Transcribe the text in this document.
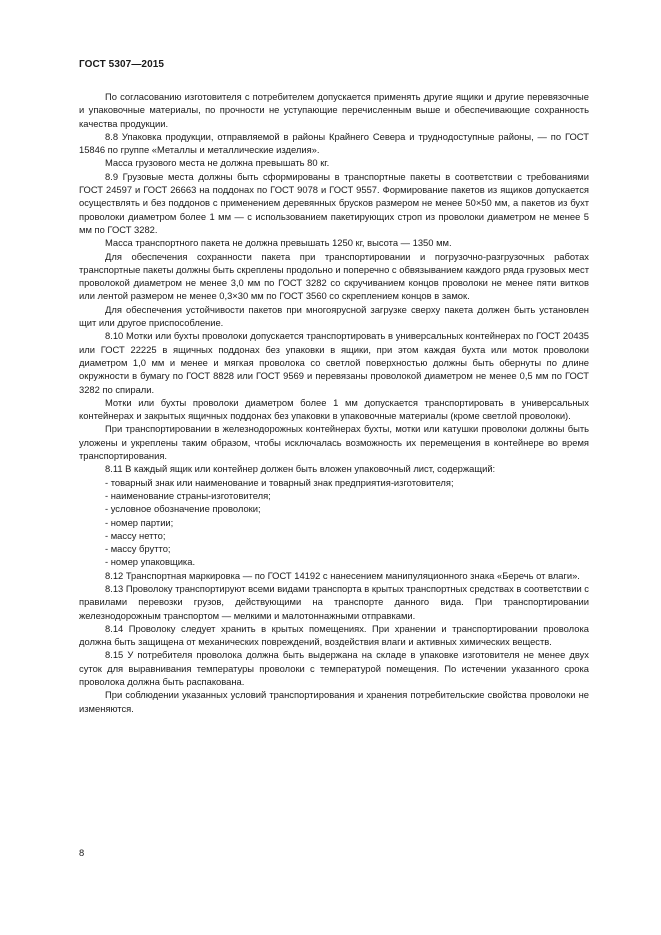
ГОСТ 5307—2015

По согласованию изготовителя с потребителем допускается применять другие ящики и другие перевязочные и упаковочные материалы, по прочности не уступающие перечисленным выше и обеспечивающие сохранность качества продукции.

8.8 Упаковка продукции, отправляемой в районы Крайнего Севера и труднодоступные районы, — по ГОСТ 15846 по группе «Металлы и металлические изделия».

Масса грузового места не должна превышать 80 кг.

8.9 Грузовые места должны быть сформированы в транспортные пакеты в соответствии с требованиями ГОСТ 24597 и ГОСТ 26663 на поддонах по ГОСТ 9078 и ГОСТ 9557. Формирование пакетов из ящиков допускается осуществлять и без поддонов с применением деревянных брусков размером не менее 50×50 мм, а пакетов из бухт проволоки диаметром более 1 мм — с использованием пакетирующих строп из проволоки диаметром не менее 5 мм по ГОСТ 3282.

Масса транспортного пакета не должна превышать 1250 кг, высота — 1350 мм.

Для обеспечения сохранности пакета при транспортировании и погрузочно-разгрузочных работах транспортные пакеты должны быть скреплены продольно и поперечно с обвязыванием каждого ряда грузовых мест проволокой диаметром не менее 3,0 мм по ГОСТ 3282 со скручиванием концов проволоки не менее пяти витков или лентой размером не менее 0,3×30 мм по ГОСТ 3560 со скреплением концов в замок.

Для обеспечения устойчивости пакетов при многоярусной загрузке сверху пакета должен быть установлен щит или другое приспособление.

8.10 Мотки или бухты проволоки допускается транспортировать в универсальных контейнерах по ГОСТ 20435 или ГОСТ 22225 в ящичных поддонах без упаковки в ящики, при этом каждая бухта или моток проволоки диаметром 1,0 мм и менее и мягкая проволока со светлой поверхностью должны быть обернуты по длине окружности в бумагу по ГОСТ 8828 или ГОСТ 9569 и перевязаны проволокой диаметром не менее 0,5 мм по ГОСТ 3282 по спирали.

Мотки или бухты проволоки диаметром более 1 мм допускается транспортировать в универсальных контейнерах и закрытых ящичных поддонах без упаковки в упаковочные материалы (кроме светлой проволоки).

При транспортировании в железнодорожных контейнерах бухты, мотки или катушки проволоки должны быть уложены и укреплены таким образом, чтобы исключалась возможность их перемещения в контейнере во время транспортирования.

8.11 В каждый ящик или контейнер должен быть вложен упаковочный лист, содержащий:

- товарный знак или наименование и товарный знак предприятия-изготовителя;

- наименование страны-изготовителя;

- условное обозначение проволоки;

- номер партии;

- массу нетто;

- массу брутто;

- номер упаковщика.

8.12 Транспортная маркировка — по ГОСТ 14192 с нанесением манипуляционного знака «Беречь от влаги».

8.13 Проволоку транспортируют всеми видами транспорта в крытых транспортных средствах в соответствии с правилами перевозки грузов, действующими на транспорте данного вида. При транспортировании железнодорожным транспортом — мелкими и малотоннажными отправками.

8.14 Проволоку следует хранить в крытых помещениях. При хранении и транспортировании проволока должна быть защищена от механических повреждений, воздействия влаги и активных химических веществ.

8.15 У потребителя проволока должна быть выдержана на складе в упаковке изготовителя не менее двух суток для выравнивания температуры проволоки с температурой помещения. По истечении указанного срока проволока должна быть распакована.

При соблюдении указанных условий транспортирования и хранения потребительские свойства проволоки не изменяются.

8
